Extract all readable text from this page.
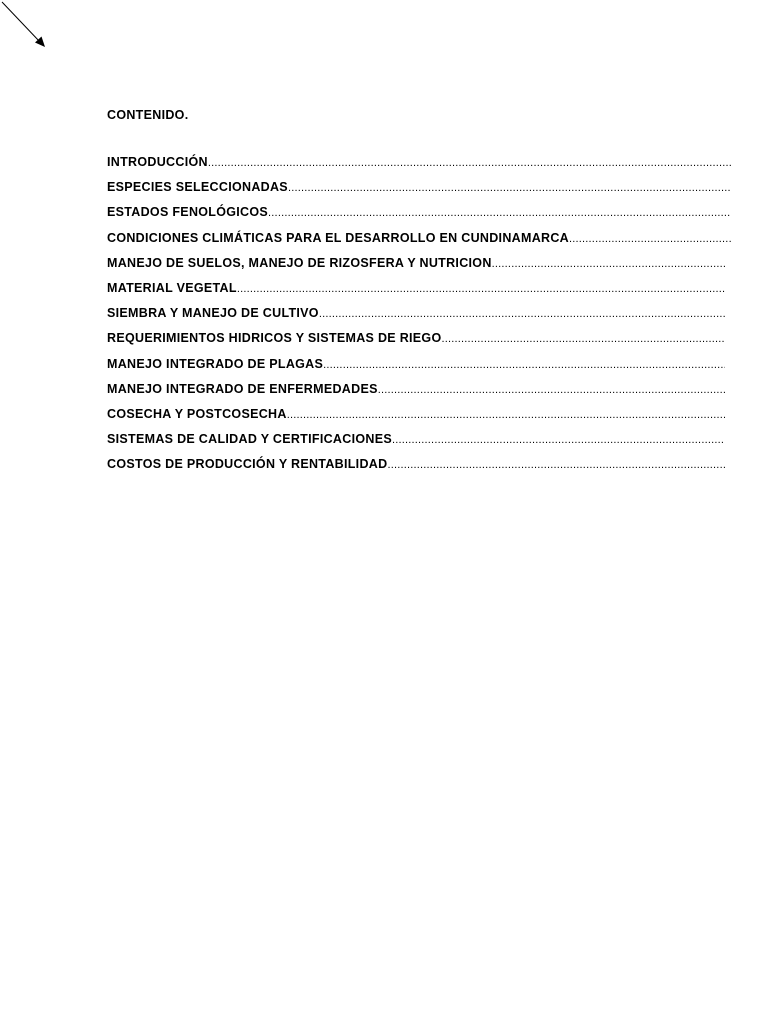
CONTENIDO.
INTRODUCCIÓN
.....
ESPECIES SELECCIONADAS
.....
ESTADOS FENOLÓGICOS
.....
CONDICIONES CLIMÁTICAS PARA EL DESARROLLO EN CUNDINAMARCA
.....
MANEJO DE SUELOS, MANEJO DE RIZOSFERA Y NUTRICION
.....
MATERIAL VEGETAL
.....
SIEMBRA Y MANEJO DE CULTIVO
.....
REQUERIMIENTOS HIDRICOS Y SISTEMAS DE RIEGO
.....
MANEJO INTEGRADO DE PLAGAS
.....
MANEJO INTEGRADO DE ENFERMEDADES
.....
COSECHA Y POSTCOSECHA
.....
SISTEMAS DE CALIDAD Y CERTIFICACIONES
.....
COSTOS DE PRODUCCIÓN Y RENTABILIDAD
.....
